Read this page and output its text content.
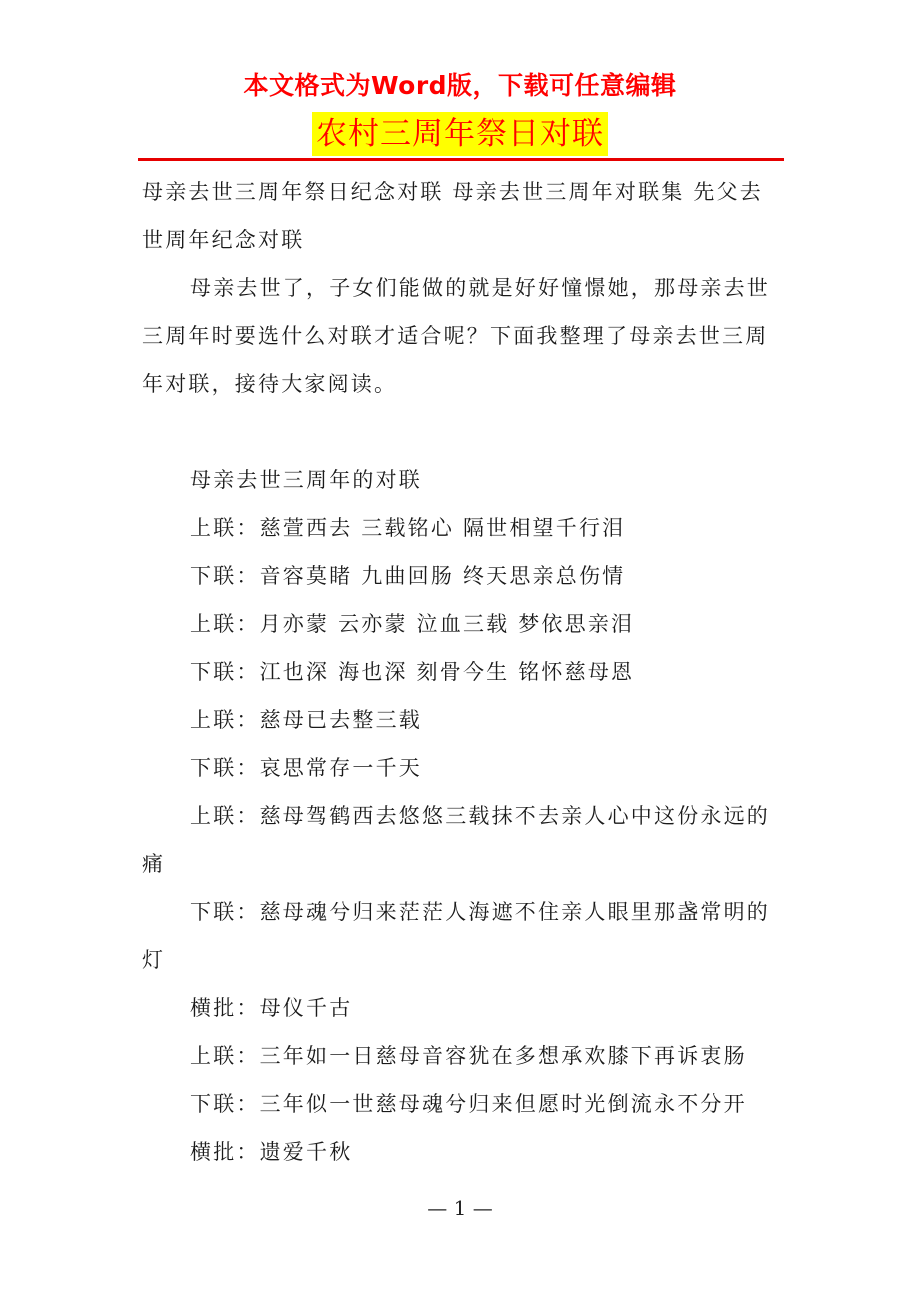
本文格式为Word版，下载可任意编辑
农村三周年祭日对联

母亲去世三周年祭日纪念对联 母亲去世三周年对联集 先父去世周年纪念对联

母亲去世了，子女们能做的就是好好憧憬她，那母亲去世三周年时要选什么对联才适合呢？下面我整理了母亲去世三周年对联，接待大家阅读。

母亲去世三周年的对联

上联：慈萱西去 三载铭心 隔世相望千行泪

下联：音容莫睹 九曲回肠 终天思亲总伤情

上联：月亦蒙 云亦蒙 泣血三载 梦依思亲泪

下联：江也深 海也深 刻骨今生 铭怀慈母恩

上联：慈母已去整三载

下联：哀思常存一千天

上联：慈母驾鹤西去悠悠三载抹不去亲人心中这份永远的痛

下联：慈母魂兮归来茫茫人海遮不住亲人眼里那盏常明的灯

横批：母仪千古

上联：三年如一日慈母音容犹在多想承欢膝下再诉衷肠

下联：三年似一世慈母魂兮归来但愿时光倒流永不分开

横批：遗爱千秋

— 1 —
